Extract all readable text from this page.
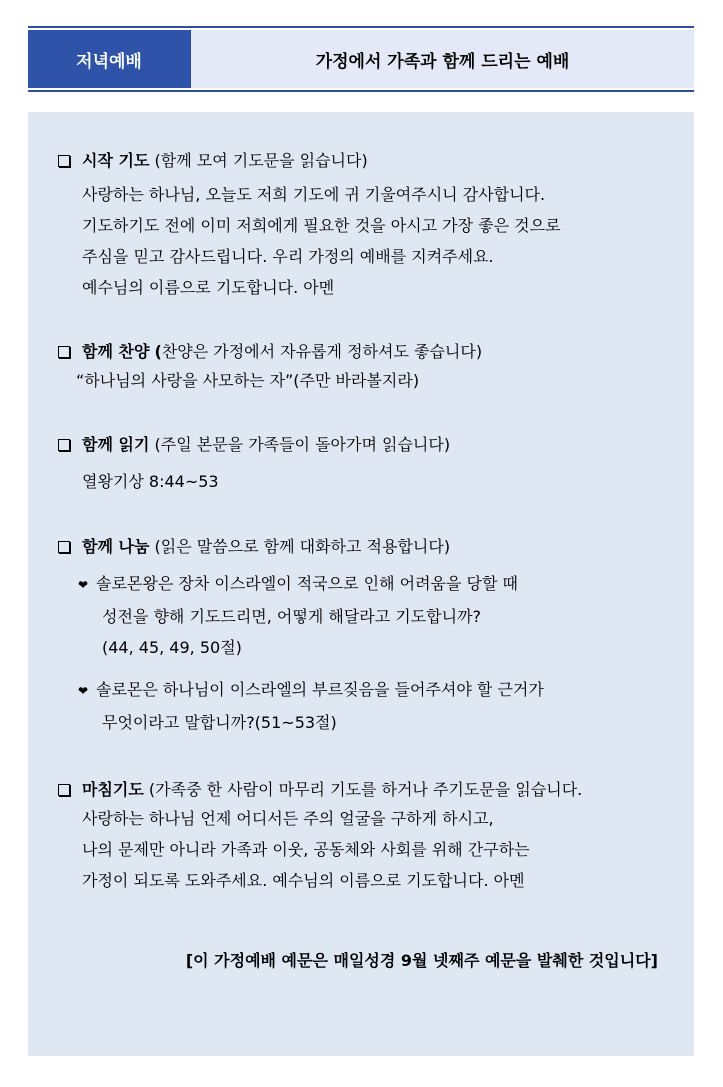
저녁예배	가정에서 가족과 함께 드리는 예배
시작 기도 (함께 모여 기도문을 읽습니다)
사랑하는 하나님, 오늘도 저희 기도에 귀 기울여주시니 감사합니다.
기도하기도 전에 이미 저희에게 필요한 것을 아시고 가장 좋은 것으로
주심을 믿고 감사드립니다. 우리 가정의 예배를 지켜주세요.
예수님의 이름으로 기도합니다. 아멘
함께 찬양 (찬양은 가정에서 자유롭게 정하셔도 좋습니다)
“하나님의 사랑을 사모하는 자”(주만 바라볼지라)
함께 읽기 (주일 본문을 가족들이 돌아가며 읽습니다)
열왕기상 8:44~53
함께 나눔 (읽은 말씀으로 함께 대화하고 적용합니다)
❤ 솔로몬왕은 장차 이스라엘이 적국으로 인해 어려움을 당할 때
성전을 향해 기도드리면, 어떻게 해달라고 기도합니까?
(44, 45, 49, 50절)
❤ 솔로몬은 하나님이 이스라엘의 부르짖음을 들어주셔야 할 근거가
무엇이라고 말합니까?(51~53절)
마침기도 (가족중 한 사람이 마무리 기도를 하거나 주기도문을 읽습니다.
사랑하는 하나님 언제 어디서든 주의 얼굴을 구하게 하시고,
나의 문제만 아니라 가족과 이웃, 공동체와 사회를 위해 간구하는
가정이 되도록 도와주세요. 예수님의 이름으로 기도합니다. 아멘
[이 가정예배 예문은 매일성경 9월 넷째주 예문을 발췌한 것입니다]
